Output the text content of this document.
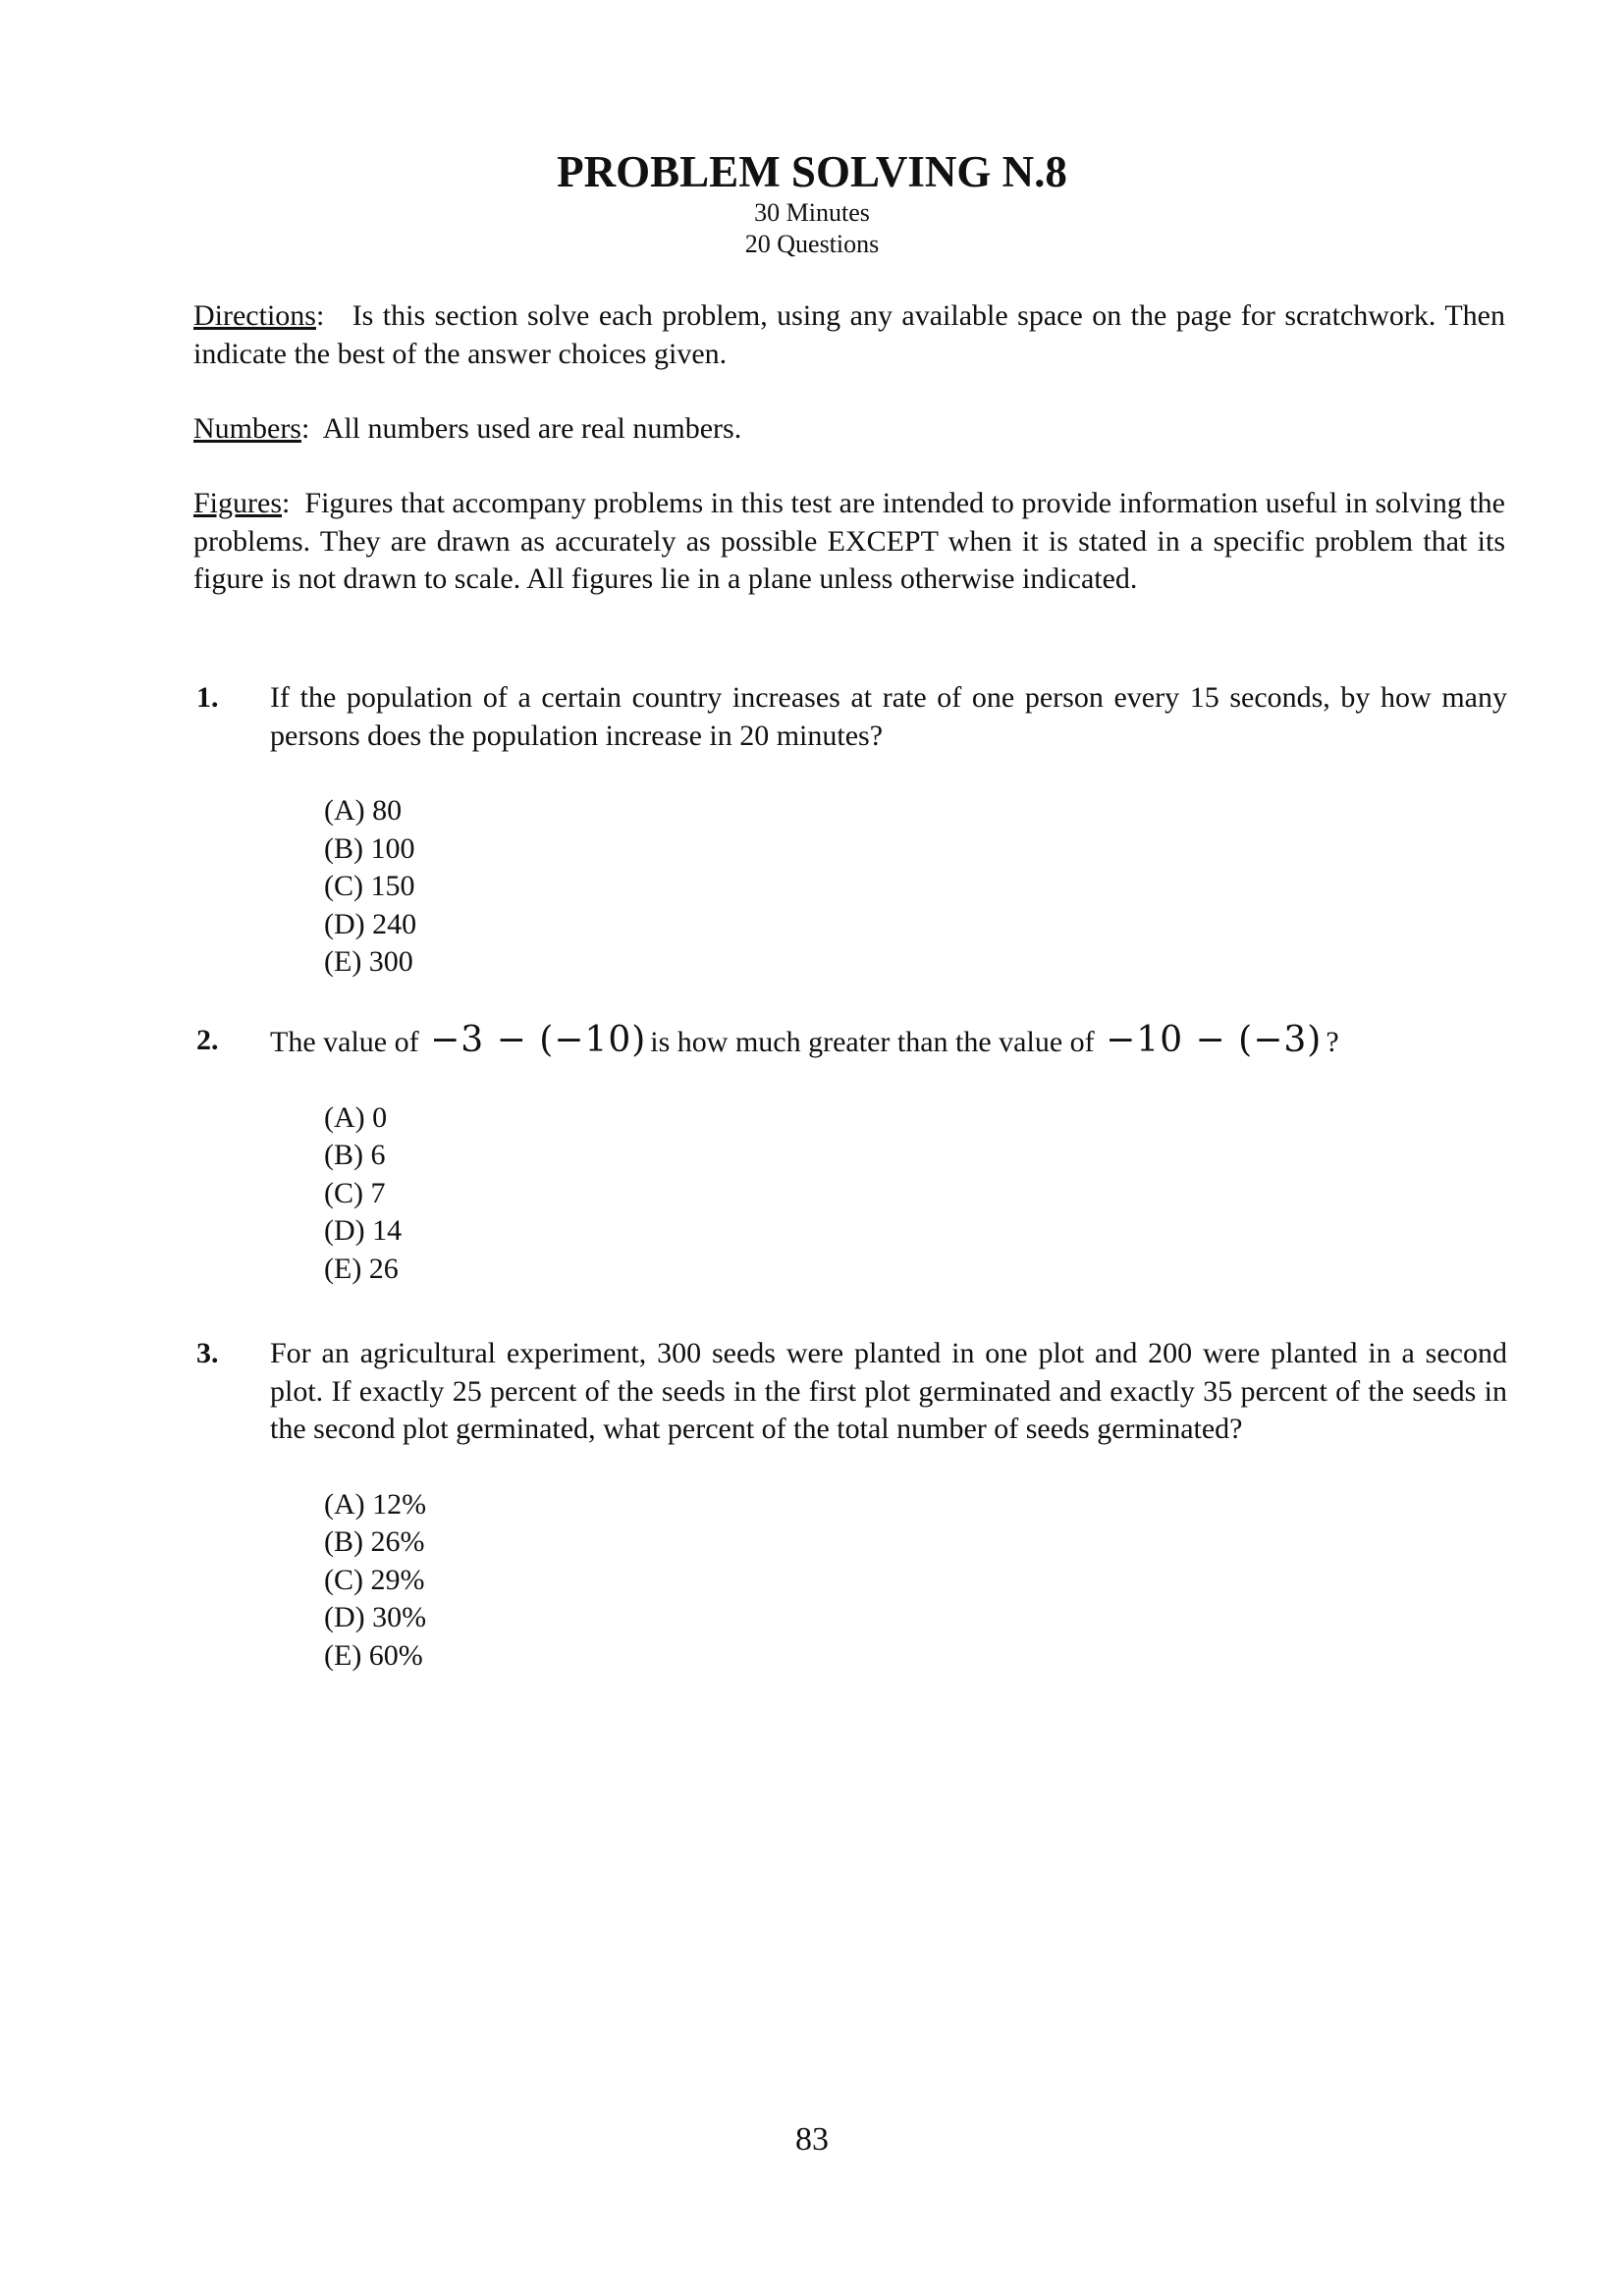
PROBLEM SOLVING N.8
30 Minutes
20 Questions
Directions:   Is this section solve each problem, using any available space on the page for scratchwork. Then indicate the best of the answer choices given.
Numbers:  All numbers used are real numbers.
Figures:  Figures that accompany problems in this test are intended to provide information useful in solving the problems. They are drawn as accurately as possible EXCEPT when it is stated in a specific problem that its figure is not drawn to scale. All figures lie in a plane unless otherwise indicated.
1. If the population of a certain country increases at rate of one person every 15 seconds, by how many persons does the population increase in 20 minutes?
(A) 80
(B) 100
(C) 150
(D) 240
(E) 300
2. The value of −3 − (−10) is how much greater than the value of −10 − (−3) ?
(A) 0
(B) 6
(C) 7
(D) 14
(E) 26
3. For an agricultural experiment, 300 seeds were planted in one plot and 200 were planted in a second plot. If exactly 25 percent of the seeds in the first plot germinated and exactly 35 percent of the seeds in the second plot germinated, what percent of the total number of seeds germinated?
(A) 12%
(B) 26%
(C) 29%
(D) 30%
(E) 60%
83
